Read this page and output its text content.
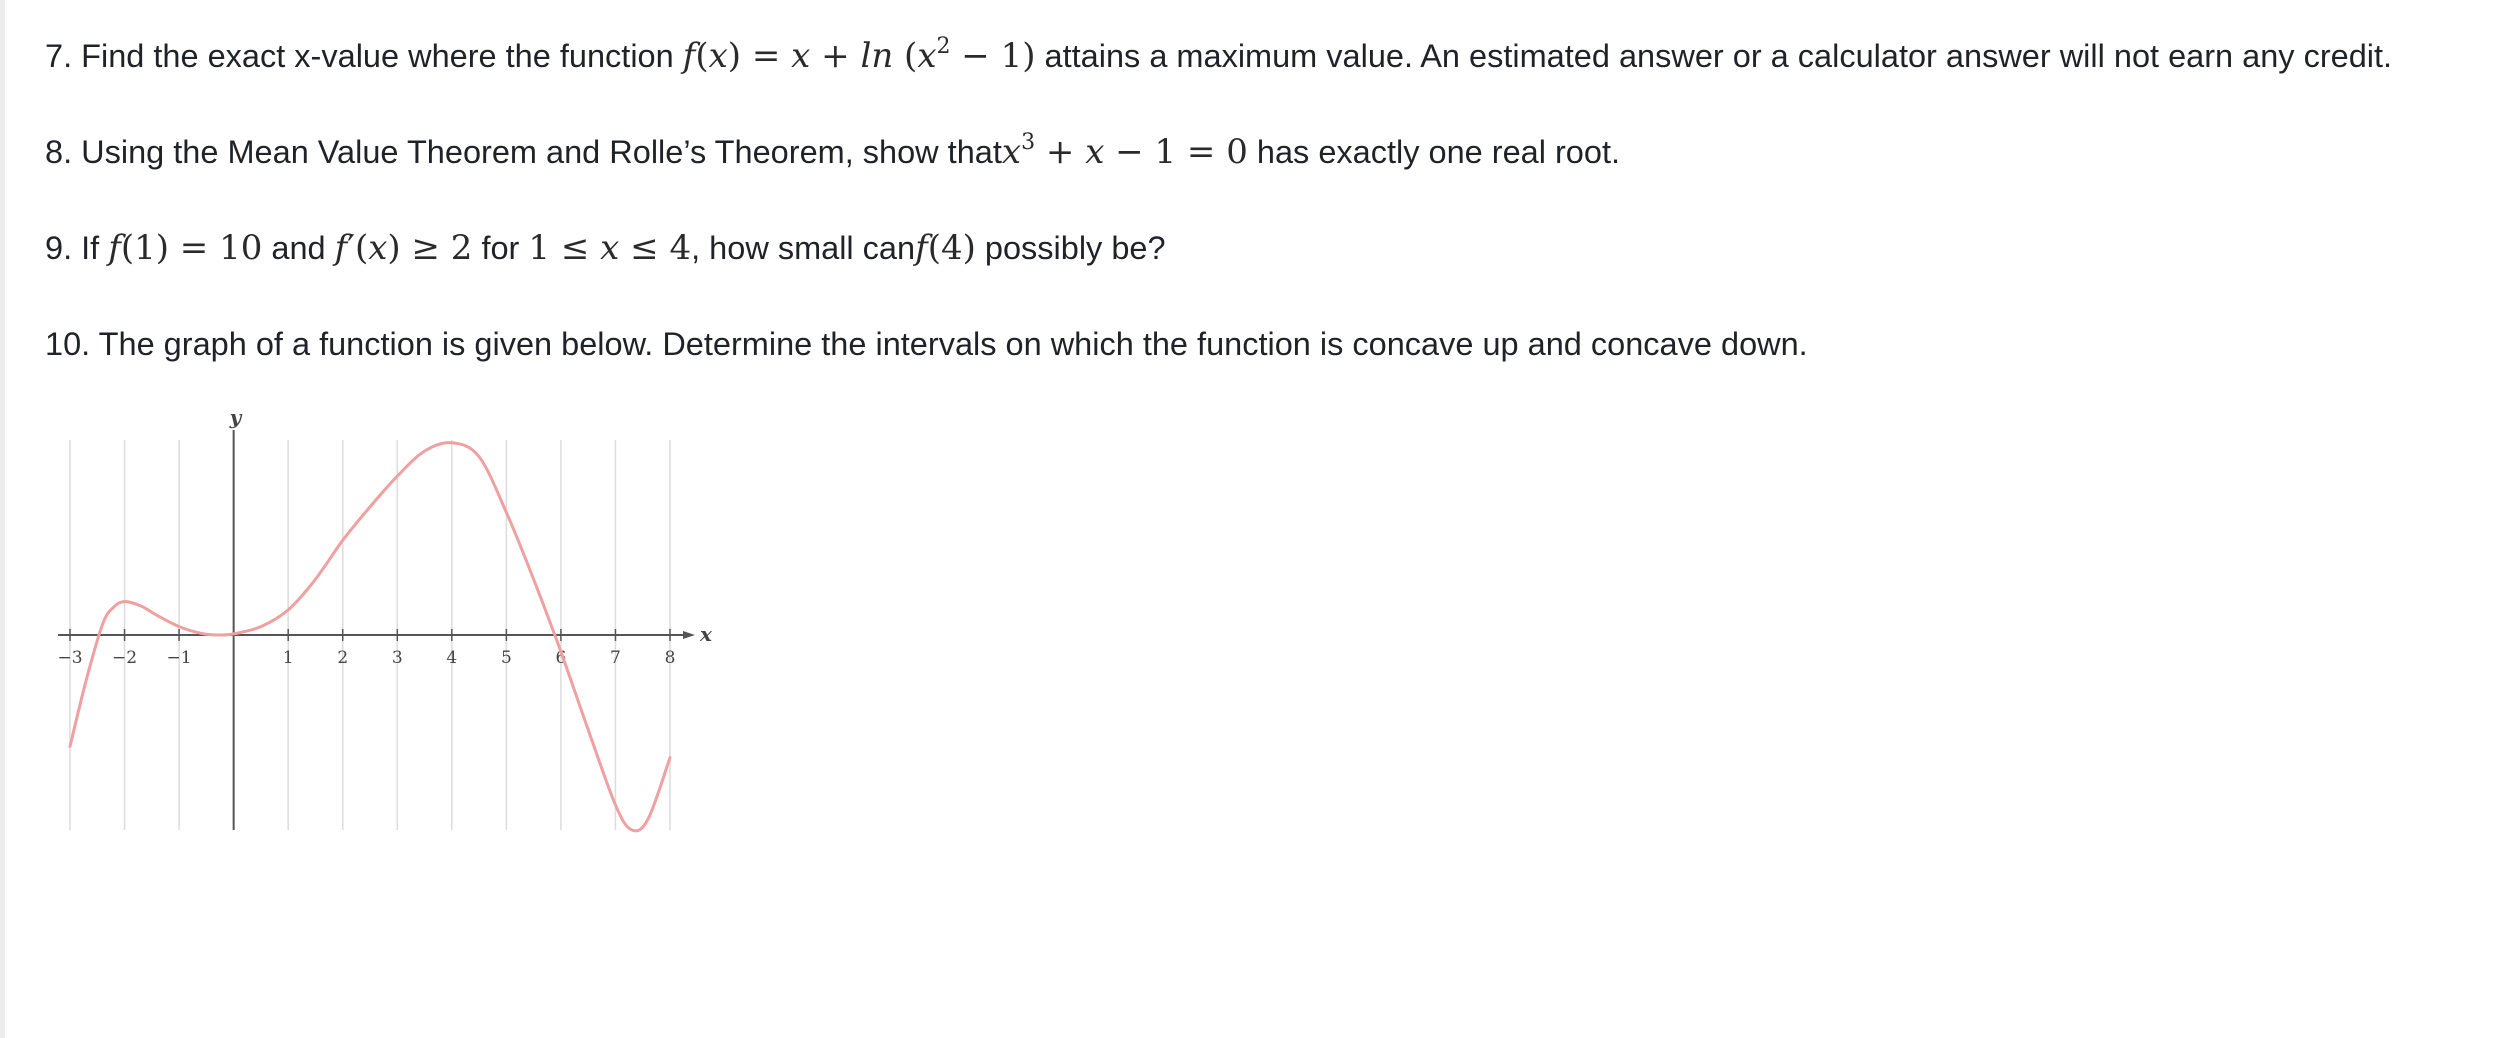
7. Find the exact x-value where the function $f(x) = x + \ln (x^2 - 1)$ attains a maximum value. An estimated answer or a calculator answer will not earn any credit.
8. Using the Mean Value Theorem and Rolle’s Theorem, show thatx$^3$ + x − 1 = 0 has exactly one real root.
9. If f(1) = 10 and f′(x) ≥ 2 for 1 ≤ x ≤ 4, how small canf(4) possibly be?
10. The graph of a function is given below. Determine the intervals on which the function is concave up and concave down.
−3 −2 −1	1	2	3	4	5	6	7	8
y
x
